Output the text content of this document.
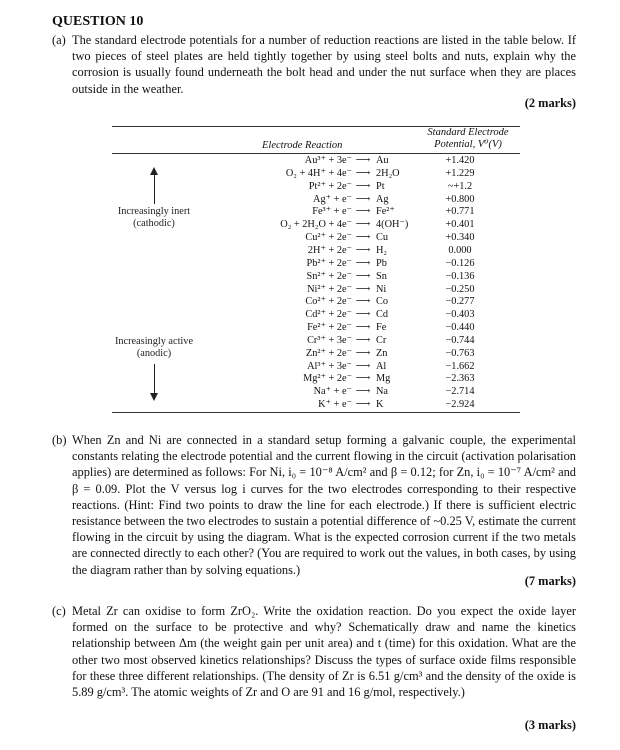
QUESTION 10
(a) The standard electrode potentials for a number of reduction reactions are listed in the table below. If two pieces of steel plates are held tightly together by using steel bolts and nuts, explain why the corrosion is usually found underneath the bolt head and under the nut surface when they are places outside in the weather.
(2 marks)
Electrode Reaction
Standard Electrode
Potential, V⁰(V)
Increasingly inert
(cathodic)
Increasingly active
(anodic)
Au³⁺ + 3e⁻ ⟶ Au	+1.420
O₂ + 4H⁺ + 4e⁻ ⟶ 2H₂O	+1.229
Pt²⁺ + 2e⁻ ⟶ Pt	~+1.2
Ag⁺ + e⁻ ⟶ Ag	+0.800
Fe³⁺ + e⁻ ⟶ Fe²⁺	+0.771
O₂ + 2H₂O + 4e⁻ ⟶ 4(OH⁻)	+0.401
Cu²⁺ + 2e⁻ ⟶ Cu	+0.340
2H⁺ + 2e⁻ ⟶ H₂	0.000
Pb²⁺ + 2e⁻ ⟶ Pb	−0.126
Sn²⁺ + 2e⁻ ⟶ Sn	−0.136
Ni²⁺ + 2e⁻ ⟶ Ni	−0.250
Co²⁺ + 2e⁻ ⟶ Co	−0.277
Cd²⁺ + 2e⁻ ⟶ Cd	−0.403
Fe²⁺ + 2e⁻ ⟶ Fe	−0.440
Cr³⁺ + 3e⁻ ⟶ Cr	−0.744
Zn²⁺ + 2e⁻ ⟶ Zn	−0.763
Al³⁺ + 3e⁻ ⟶ Al	−1.662
Mg²⁺ + 2e⁻ ⟶ Mg	−2.363
Na⁺ + e⁻ ⟶ Na	−2.714
K⁺ + e⁻ ⟶ K	−2.924
(b) When Zn and Ni are connected in a standard setup forming a galvanic couple, the experimental constants relating the electrode potential and the current flowing in the circuit (activation polarisation applies) are determined as follows: For Ni, i₀ = 10⁻⁸ A/cm² and β = 0.12; for Zn, i₀ = 10⁻⁷ A/cm² and β = 0.09. Plot the V versus log i curves for the two electrodes corresponding to their respective reactions. (Hint: Find two points to draw the line for each electrode.) If there is sufficient electric resistance between the two electrodes to sustain a potential difference of ~0.25 V, estimate the current flowing in the circuit by using the diagram. What is the expected corrosion current if the two metals are connected directly to each other? (You are required to work out the values, in both cases, by using the diagram rather than by solving equations.)
(7 marks)
(c) Metal Zr can oxidise to form ZrO₂. Write the oxidation reaction. Do you expect the oxide layer formed on the surface to be protective and why? Schematically draw and name the kinetics relationship between Δm (the weight gain per unit area) and t (time) for this oxidation. What are the other two most observed kinetics relationships? Discuss the types of surface oxide films responsible for these three different relationships. (The density of Zr is 6.51 g/cm³ and the density of the oxide is 5.89 g/cm³. The atomic weights of Zr and O are 91 and 16 g/mol, respectively.)
(3 marks)
